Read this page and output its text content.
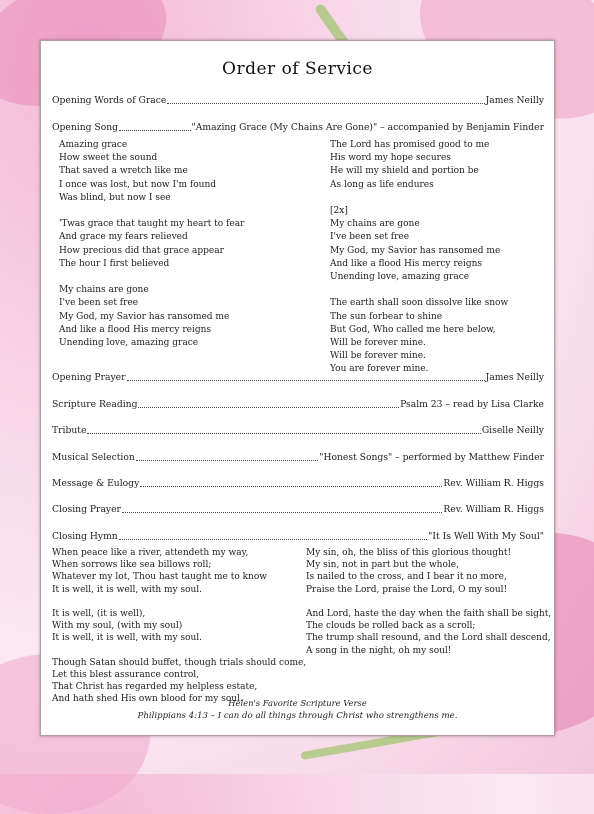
Order of Service
Opening Words of Grace	James Neilly
Opening Song	"Amazing Grace (My Chains Are Gone)" – accompanied by Benjamin Finder
Amazing grace
How sweet the sound
That saved a wretch like me
I once was lost, but now I'm found
Was blind, but now I see

'Twas grace that taught my heart to fear
And grace my fears relieved
How precious did that grace appear
The hour I first believed

My chains are gone
I've been set free
My God, my Savior has ransomed me
And like a flood His mercy reigns
Unending love, amazing grace
The Lord has promised good to me
His word my hope secures
He will my shield and portion be
As long as life endures

[2x]
My chains are gone
I've been set free
My God, my Savior has ransomed me
And like a flood His mercy reigns
Unending love, amazing grace

The earth shall soon dissolve like snow
The sun forbear to shine
But God, Who called me here below,
Will be forever mine.
Will be forever mine.
You are forever mine.
Opening Prayer	James Neilly
Scripture Reading	Psalm 23 – read by Lisa Clarke
Tribute	Giselle Neilly
Musical Selection	"Honest Songs" – performed by Matthew Finder
Message & Eulogy	Rev. William R. Higgs
Closing Prayer	Rev. William R. Higgs
Closing Hymn	"It Is Well With My Soul"
When peace like a river, attendeth my way,
When sorrows like sea billows roll;
Whatever my lot, Thou hast taught me to know
It is well, it is well, with my soul.

It is well, (it is well),
With my soul, (with my soul)
It is well, it is well, with my soul.

Though Satan should buffet, though trials should come,
Let this blest assurance control,
That Christ has regarded my helpless estate,
And hath shed His own blood for my soul.
My sin, oh, the bliss of this glorious thought!
My sin, not in part but the whole,
Is nailed to the cross, and I bear it no more,
Praise the Lord, praise the Lord, O my soul!

And Lord, haste the day when the faith shall be sight,
The clouds be rolled back as a scroll;
The trump shall resound, and the Lord shall descend,
A song in the night, oh my soul!
Helen's Favorite Scripture Verse
Philippians 4:13 – I can do all things through Christ who strengthens me.
